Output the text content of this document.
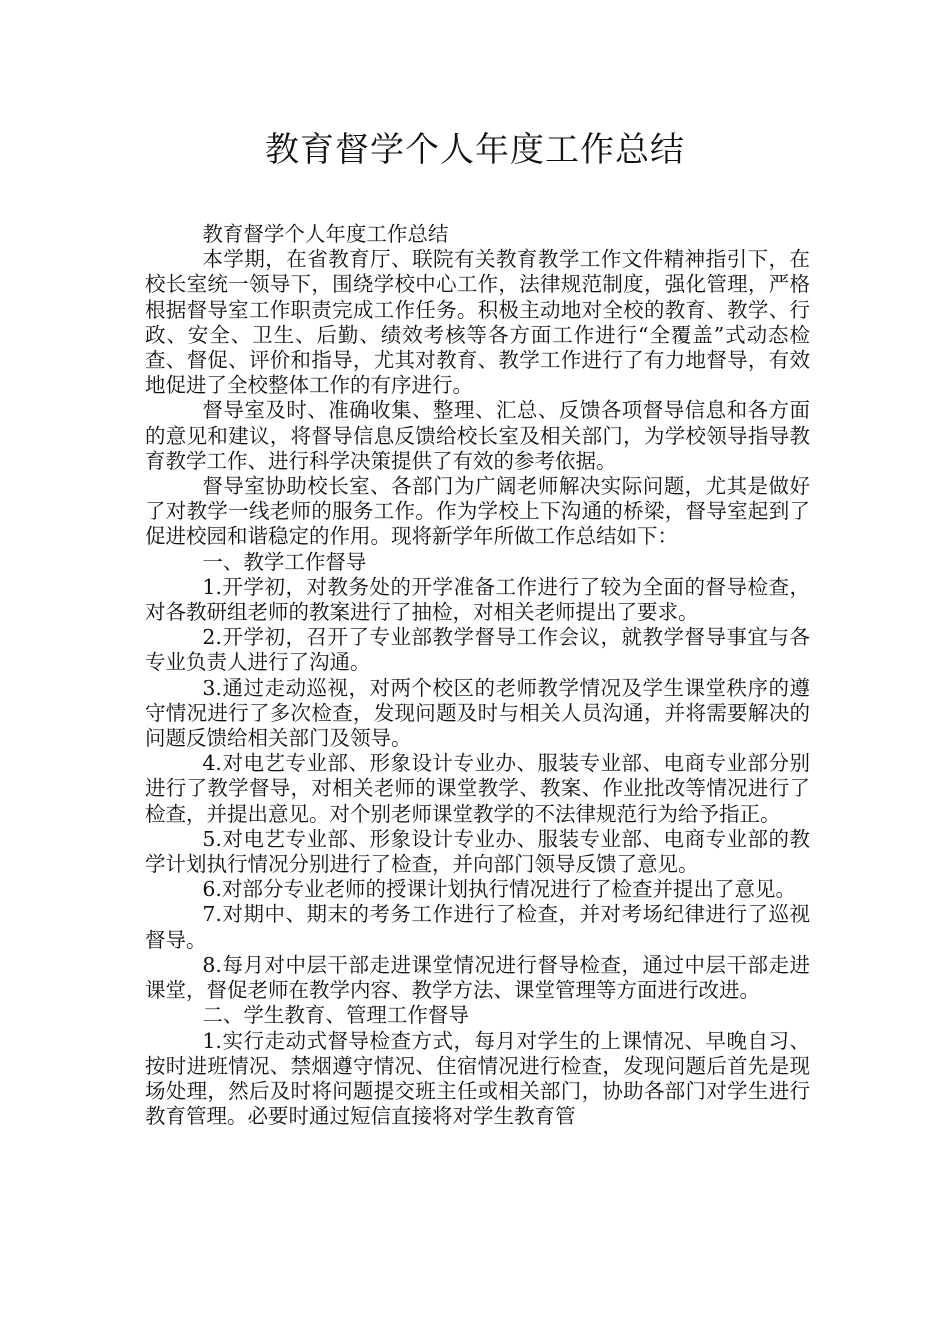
教育督学个人年度工作总结

教育督学个人年度工作总结

本学期，在省教育厅、联院有关教育教学工作文件精神指引下，在校长室统一领导下，围绕学校中心工作，法律规范制度，强化管理，严格根据督导室工作职责完成工作任务。积极主动地对全校的教育、教学、行政、安全、卫生、后勤、绩效考核等各方面工作进行“全覆盖”式动态检查、督促、评价和指导，尤其对教育、教学工作进行了有力地督导，有效地促进了全校整体工作的有序进行。

督导室及时、准确收集、整理、汇总、反馈各项督导信息和各方面的意见和建议，将督导信息反馈给校长室及相关部门，为学校领导指导教育教学工作、进行科学决策提供了有效的参考依据。

督导室协助校长室、各部门为广阔老师解决实际问题，尤其是做好了对教学一线老师的服务工作。作为学校上下沟通的桥梁，督导室起到了促进校园和谐稳定的作用。现将新学年所做工作总结如下：

一、教学工作督导

1.开学初，对教务处的开学准备工作进行了较为全面的督导检查，对各教研组老师的教案进行了抽检，对相关老师提出了要求。

2.开学初，召开了专业部教学督导工作会议，就教学督导事宜与各专业负责人进行了沟通。

3.通过走动巡视，对两个校区的老师教学情况及学生课堂秩序的遵守情况进行了多次检查，发现问题及时与相关人员沟通，并将需要解决的问题反馈给相关部门及领导。

4.对电艺专业部、形象设计专业办、服装专业部、电商专业部分别进行了教学督导，对相关老师的课堂教学、教案、作业批改等情况进行了检查，并提出意见。对个别老师课堂教学的不法律规范行为给予指正。

5.对电艺专业部、形象设计专业办、服装专业部、电商专业部的教学计划执行情况分别进行了检查，并向部门领导反馈了意见。

6.对部分专业老师的授课计划执行情况进行了检查并提出了意见。

7.对期中、期末的考务工作进行了检查，并对考场纪律进行了巡视督导。

8.每月对中层干部走进课堂情况进行督导检查，通过中层干部走进课堂，督促老师在教学内容、教学方法、课堂管理等方面进行改进。

二、学生教育、管理工作督导

1.实行走动式督导检查方式，每月对学生的上课情况、早晚自习、按时进班情况、禁烟遵守情况、住宿情况进行检查，发现问题后首先是现场处理，然后及时将问题提交班主任或相关部门，协助各部门对学生进行教育管理。必要时通过短信直接将对学生教育管
